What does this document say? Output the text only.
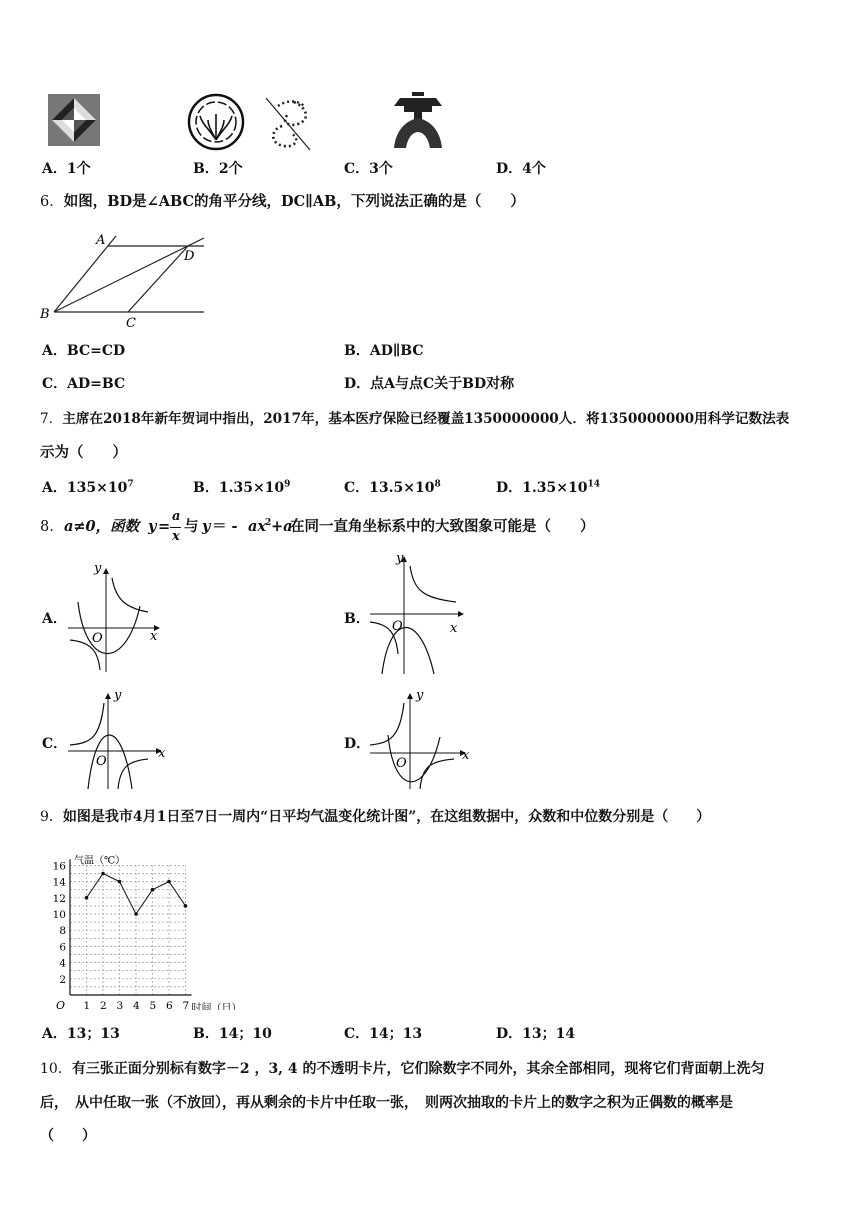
A．1个	B．2个	C．3个	D．4个
6．如图，BD是∠ABC的角平分线，DC∥AB，下列说法正确的是（　　）
A
B
C
D
A．BC=CD	B．AD∥BC
C．AD=BC	D．点A与点C关于BD对称
7．主席在2018年新年贺词中指出，2017年，基本医疗保险已经覆盖1350000000人．将1350000000用科学记数法表
示为（　　）
A．$135\times 10^7$	B．$1.35\times 10^9$	C．$13.5\times 10^8$	D．$1.35\times 10^{14}$
8． a≠0，函数 y =
a
x
与 y ＝ - ax
2 +a
在同一直角坐标系中的大致图象可能是（　　）
A．	B．
C．	D．
x
y
O
x
y
O
x
y
O	x
y
O
9．如图是我市4月1日至7日一周内“日平均气温变化统计图”，在这组数据中，众数和中位数分别是（　　）
1 2 3 4 5 6 7
2
4
6
8
10
12
14
16
O
气温（℃）
时间（日）
A．13；13	B．14；10	C．14；13	D．13；14
10．有三张正面分别标有数字－2 ，3, 4 的不透明卡片，它们除数字不同外，其余全部相同，现将它们背面朝上洗匀
后，　从中任取一张（不放回），再从剩余的卡片中任取一张，　则两次抽取的卡片上的数字之积为正偶数的概率是
（　　）
